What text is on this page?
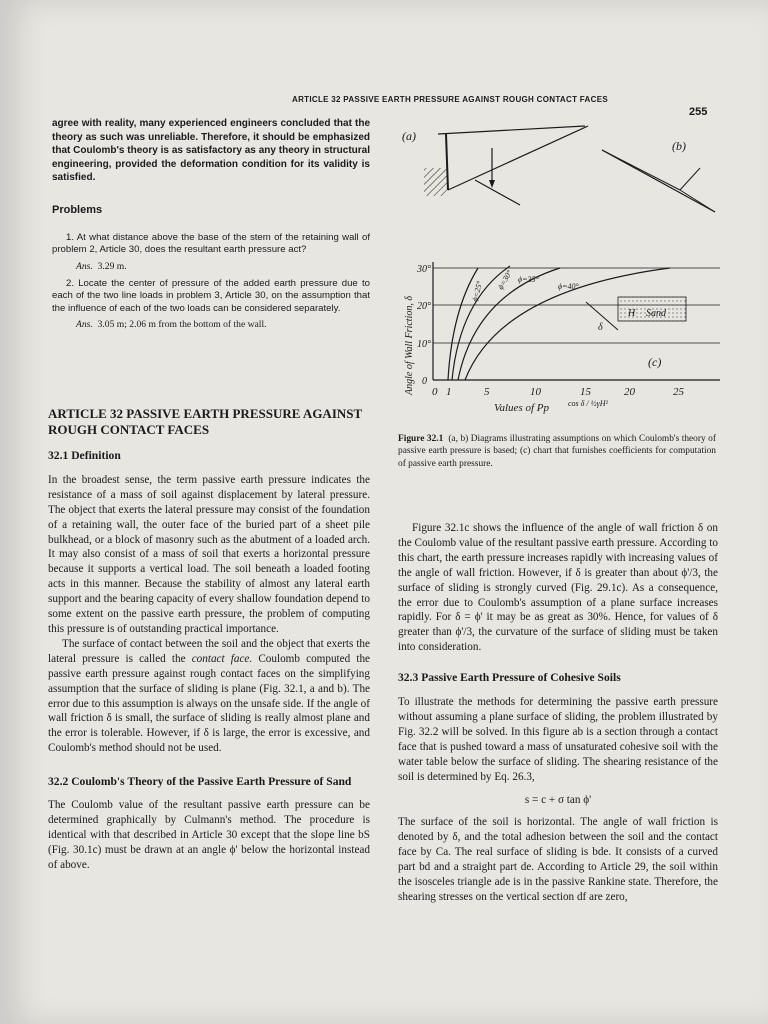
ARTICLE 32 PASSIVE EARTH PRESSURE AGAINST ROUGH CONTACT FACES
255

agree with reality, many experienced engineers concluded that the theory as such was unreliable. Therefore, it should be emphasized that Coulomb's theory is as satisfactory as any theory in structural engineering, provided the deformation condition for its validity is satisfied.

Problems

1. At what distance above the base of the stem of the retaining wall of problem 2, Article 30, does the resultant earth pressure act?

Ans. 3.29 m.

2. Locate the center of pressure of the added earth pressure due to each of the two line loads in problem 3, Article 30, on the assumption that the influence of each of the two loads can be considered separately.

Ans. 3.05 m; 2.06 m from the bottom of the wall.

ARTICLE 32 PASSIVE EARTH PRESSURE AGAINST ROUGH CONTACT FACES

32.1 Definition

In the broadest sense, the term passive earth pressure indicates the resistance of a mass of soil against displacement by lateral pressure. The object that exerts the lateral pressure may consist of the foundation of a retaining wall, the outer face of the buried part of a sheet pile bulkhead, or a block of masonry such as the abutment of a loaded arch. It may also consist of a mass of soil that exerts a horizontal pressure because it supports a vertical load. The soil beneath a loaded footing acts in this manner. Because the stability of almost any lateral earth support and the bearing capacity of every shallow foundation depend to some extent on the passive earth pressure, the problem of computing this pressure is of outstanding practical importance.

The surface of contact between the soil and the object that exerts the lateral pressure is called the contact face. Coulomb computed the passive earth pressure against rough contact faces on the simplifying assumption that the surface of sliding is plane (Fig. 32.1, a and b). The error due to this assumption is always on the unsafe side. If the angle of wall friction δ is small, the surface of sliding is really almost plane and the error is tolerable. However, if δ is large, the error is excessive, and Coulomb's method should not be used.

32.2 Coulomb's Theory of the Passive Earth Pressure of Sand

The Coulomb value of the resultant passive earth pressure can be determined graphically by Culmann's method. The procedure is identical with that described in Article 30 except that the slope line bS (Fig. 30.1c) must be drawn at an angle ϕ' below the horizontal instead of above.

(a)
(b)
0 1	5	10	15	20	25
0
10°
20°
30°
Angle of Wall Friction, δ
Values of Pp cos δ / ½γH²
ϕ=25°
ϕ=30° ϕ=35°
ϕ=40°
Sand
H
δ
(c)
Figure 32.1 (a, b) Diagrams illustrating assumptions on which Coulomb's theory of passive earth pressure is based; (c) chart that furnishes coefficients for computation of passive earth pressure.

Figure 32.1c shows the influence of the angle of wall friction δ on the Coulomb value of the resultant passive earth pressure. According to this chart, the earth pressure increases rapidly with increasing values of the angle of wall friction. However, if δ is greater than about ϕ'/3, the surface of sliding is strongly curved (Fig. 29.1c). As a consequence, the error due to Coulomb's assumption of a plane surface increases rapidly. For δ = ϕ' it may be as great as 30%. Hence, for values of δ greater than ϕ'/3, the curvature of the surface of sliding must be taken into consideration.

32.3 Passive Earth Pressure of Cohesive Soils

To illustrate the methods for determining the passive earth pressure without assuming a plane surface of sliding, the problem illustrated by Fig. 32.2 will be solved. In this figure ab is a section through a contact face that is pushed toward a mass of unsaturated cohesive soil with the water table below the surface of sliding. The shearing resistance of the soil is determined by Eq. 26.3,

s = c + σ tan ϕ'

The surface of the soil is horizontal. The angle of wall friction is denoted by δ, and the total adhesion between the soil and the contact face by Ca. The real surface of sliding is bde. It consists of a curved part bd and a straight part de. According to Article 29, the soil within the isosceles triangle ade is in the passive Rankine state. Therefore, the shearing stresses on the vertical section df are zero,
